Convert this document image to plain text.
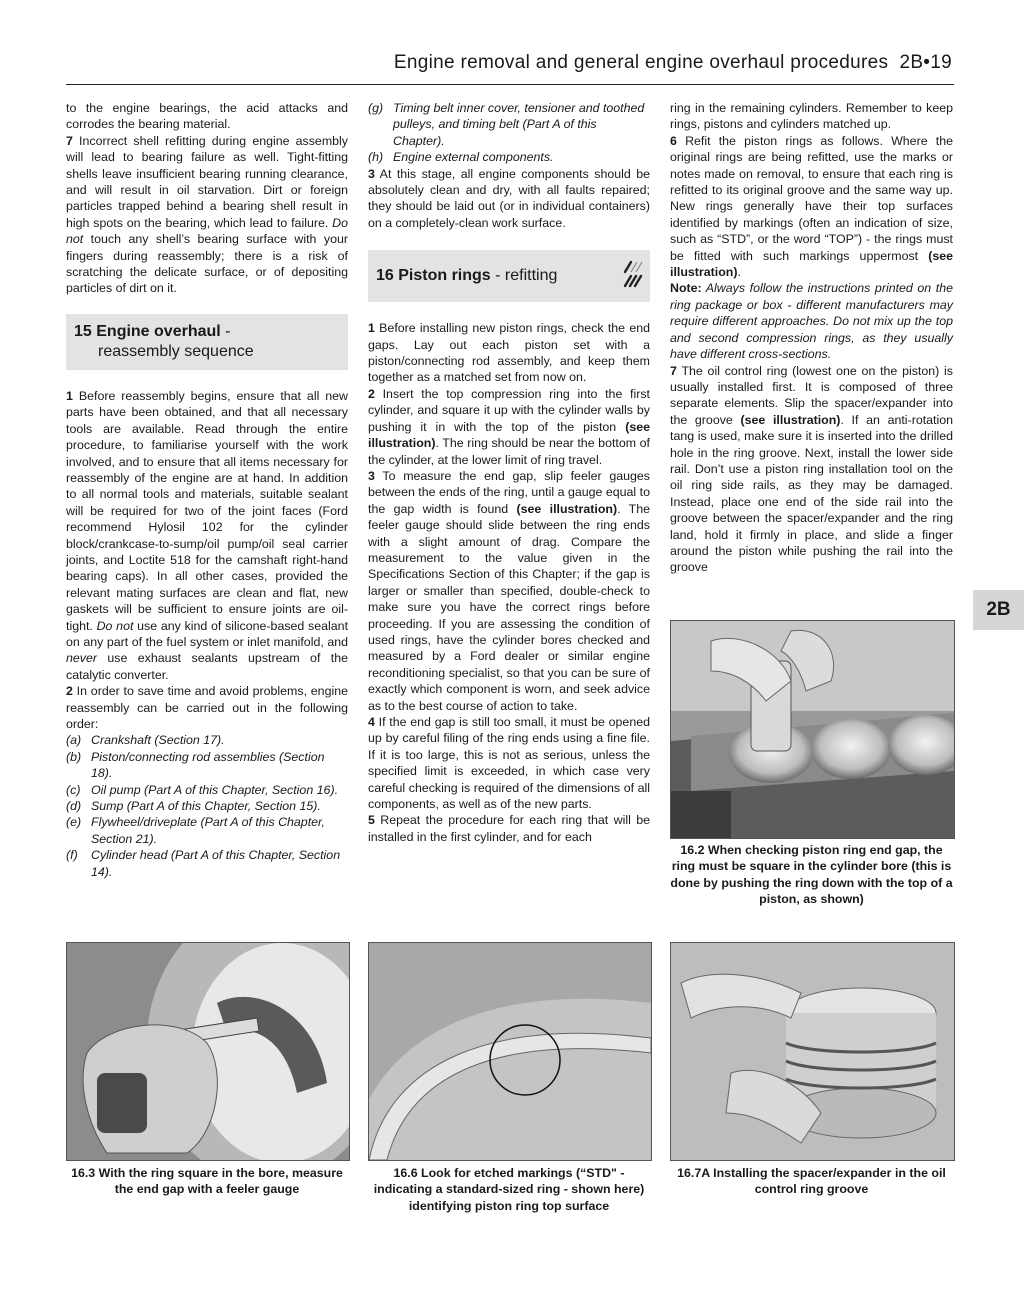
Engine removal and general engine overhaul procedures 2B•19

to the engine bearings, the acid attacks and corrodes the bearing material.

7 Incorrect shell refitting during engine assembly will lead to bearing failure as well. Tight-fitting shells leave insufficient bearing running clearance, and will result in oil starvation. Dirt or foreign particles trapped behind a bearing shell result in high spots on the bearing, which lead to failure. Do not touch any shell’s bearing surface with your fingers during reassembly; there is a risk of scratching the delicate surface, or of depositing particles of dirt on it.

15 Engine overhaul -
reassembly sequence

1 Before reassembly begins, ensure that all new parts have been obtained, and that all necessary tools are available. Read through the entire procedure, to familiarise yourself with the work involved, and to ensure that all items necessary for reassembly of the engine are at hand. In addition to all normal tools and materials, suitable sealant will be required for two of the joint faces (Ford recommend Hylosil 102 for the cylinder block/crankcase-to-sump/oil pump/oil seal carrier joints, and Loctite 518 for the camshaft right-hand bearing caps). In all other cases, provided the relevant mating surfaces are clean and flat, new gaskets will be sufficient to ensure joints are oil-tight. Do not use any kind of silicone-based sealant on any part of the fuel system or inlet manifold, and never use exhaust sealants upstream of the catalytic converter.

2 In order to save time and avoid problems, engine reassembly can be carried out in the following order:

(a) Crankshaft (Section 17).
(b) Piston/connecting rod assemblies (Section 18).
(c) Oil pump (Part A of this Chapter, Section 16).
(d) Sump (Part A of this Chapter, Section 15).
(e) Flywheel/driveplate (Part A of this Chapter, Section 21).
(f) Cylinder head (Part A of this Chapter, Section 14).
(g) Timing belt inner cover, tensioner and toothed pulleys, and timing belt (Part A of this Chapter).
(h) Engine external components.

3 At this stage, all engine components should be absolutely clean and dry, with all faults repaired; they should be laid out (or in individual containers) on a completely-clean work surface.

16 Piston rings - refitting

1 Before installing new piston rings, check the end gaps. Lay out each piston set with a piston/connecting rod assembly, and keep them together as a matched set from now on.

2 Insert the top compression ring into the first cylinder, and square it up with the cylinder walls by pushing it in with the top of the piston (see illustration). The ring should be near the bottom of the cylinder, at the lower limit of ring travel.

3 To measure the end gap, slip feeler gauges between the ends of the ring, until a gauge equal to the gap width is found (see illustration). The feeler gauge should slide between the ring ends with a slight amount of drag. Compare the measurement to the value given in the Specifications Section of this Chapter; if the gap is larger or smaller than specified, double-check to make sure you have the correct rings before proceeding. If you are assessing the condition of used rings, have the cylinder bores checked and measured by a Ford dealer or similar engine reconditioning specialist, so that you can be sure of exactly which component is worn, and seek advice as to the best course of action to take.

4 If the end gap is still too small, it must be opened up by careful filing of the ring ends using a fine file. If it is too large, this is not as serious, unless the specified limit is exceeded, in which case very careful checking is required of the dimensions of all components, as well as of the new parts.

5 Repeat the procedure for each ring that will be installed in the first cylinder, and for each

ring in the remaining cylinders. Remember to keep rings, pistons and cylinders matched up.

6 Refit the piston rings as follows. Where the original rings are being refitted, use the marks or notes made on removal, to ensure that each ring is refitted to its original groove and the same way up. New rings generally have their top surfaces identified by markings (often an indication of size, such as “STD”, or the word “TOP”) - the rings must be fitted with such markings uppermost (see illustration).

Note: Always follow the instructions printed on the ring package or box - different manufacturers may require different approaches. Do not mix up the top and second compression rings, as they usually have different cross-sections.

7 The oil control ring (lowest one on the piston) is usually installed first. It is composed of three separate elements. Slip the spacer/expander into the groove (see illustration). If an anti-rotation tang is used, make sure it is inserted into the drilled hole in the ring groove. Next, install the lower side rail. Don’t use a piston ring installation tool on the oil ring side rails, as they may be damaged. Instead, place one end of the side rail into the groove between the spacer/expander and the ring land, hold it firmly in place, and slide a finger around the piston while pushing the rail into the groove

2B
16.2 When checking piston ring end gap, the ring must be square in the cylinder bore (this is done by pushing the ring down with the top of a piston, as shown)
16.3 With the ring square in the bore, measure the end gap with a feeler gauge
16.6 Look for etched markings (“STD" - indicating a standard-sized ring - shown here) identifying piston ring top surface
16.7A Installing the spacer/expander in the oil control ring groove
